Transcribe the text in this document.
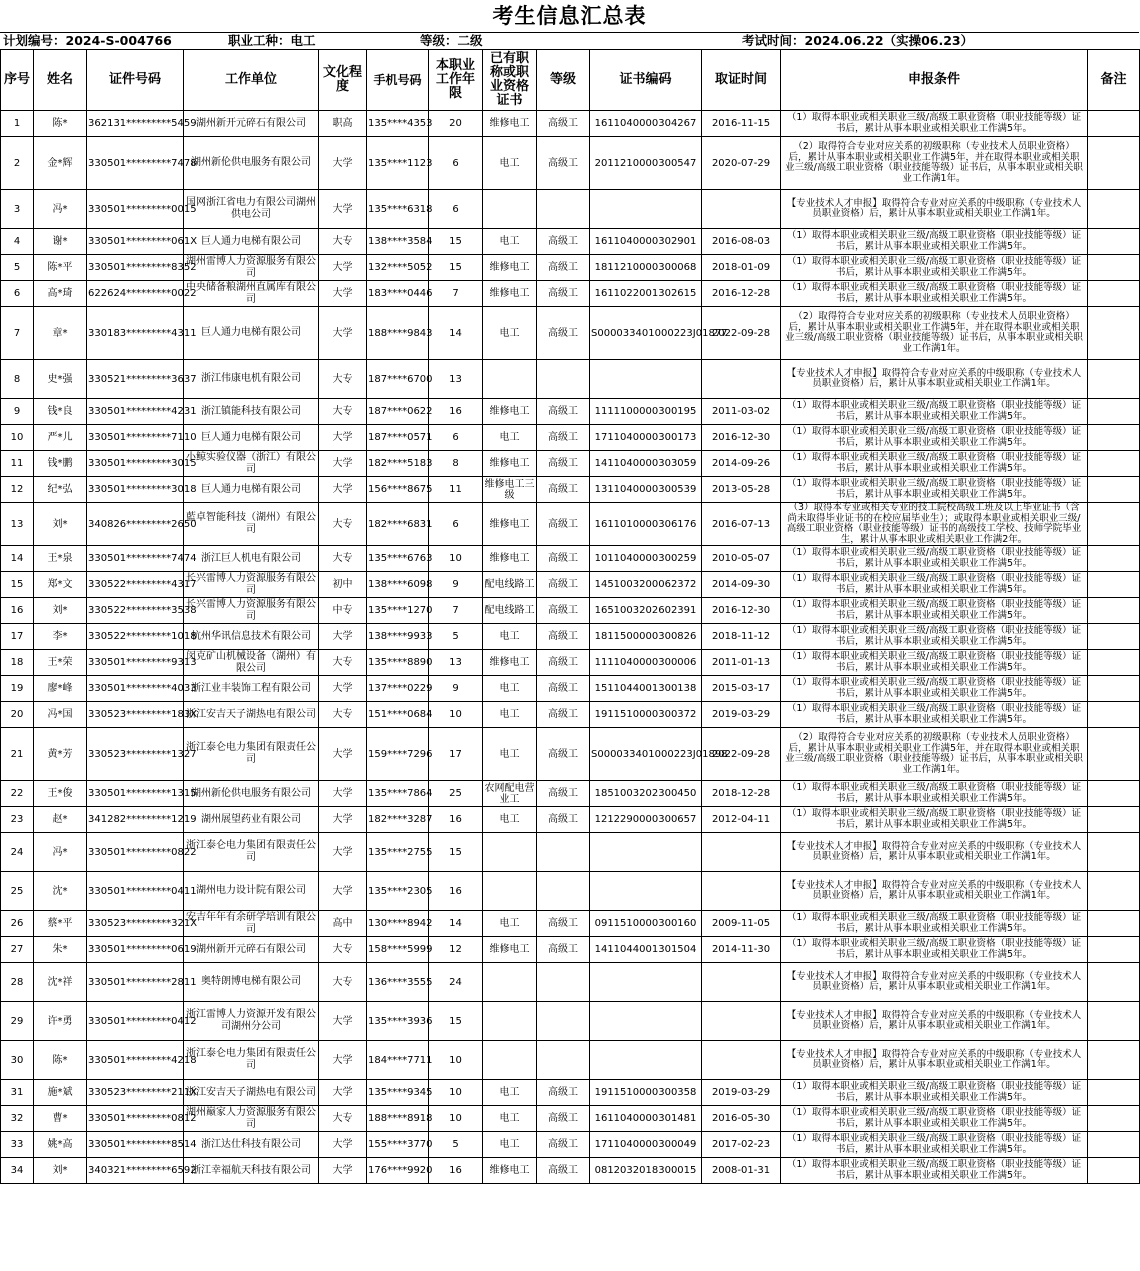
考生信息汇总表
计划编号：2024-S-004766	职业工种：电工	等级：二级	考试时间：2024.06.22（实操06.23）
序号	姓名	证件号码	工作单位	文化程度	手机号码	本职业工作年限	已有职称或职业资格证书	等级	证书编码	取证时间	申报条件	备注
1	陈*	362131*********5459	湖州新开元碎石有限公司	职高	135****4353	20	维修电工	高级工	1611040000304267	2016-11-15	（1）取得本职业或相关职业三级/高级工职业资格（职业技能等级）证书后，累计从事本职业或相关职业工作满5年。	
2	金*辉	330501*********7478	湖州新伦供电服务有限公司	大学	135****1123	6	电工	高级工	2011210000300547	2020-07-29	（2）取得符合专业对应关系的初级职称（专业技术人员职业资格）后，累计从事本职业或相关职业工作满5年，并在取得本职业或相关职业三级/高级工职业资格（职业技能等级）证书后，从事本职业或相关职业工作满1年。	
3	冯*	330501*********0015	国网浙江省电力有限公司湖州供电公司	大学	135****6318	6					【专业技术人才申报】取得符合专业对应关系的中级职称（专业技术人员职业资格）后，累计从事本职业或相关职业工作满1年。	
4	谢*	330501*********061X	巨人通力电梯有限公司	大专	138****3584	15	电工	高级工	1611040000302901	2016-08-03	（1）取得本职业或相关职业三级/高级工职业资格（职业技能等级）证书后，累计从事本职业或相关职业工作满5年。	
5	陈*平	330501*********8352	湖州雷博人力资源服务有限公司	大学	132****5052	15	维修电工	高级工	1811210000300068	2018-01-09	（1）取得本职业或相关职业三级/高级工职业资格（职业技能等级）证书后，累计从事本职业或相关职业工作满5年。	
6	高*琦	622624*********0022	中央储备粮湖州直属库有限公司	大学	183****0446	7	维修电工	高级工	1611022001302615	2016-12-28	（1）取得本职业或相关职业三级/高级工职业资格（职业技能等级）证书后，累计从事本职业或相关职业工作满5年。	
7	章*	330183*********4311	巨人通力电梯有限公司	大学	188****9843	14	电工	高级工	S000033401000223J01877	2022-09-28	（2）取得符合专业对应关系的初级职称（专业技术人员职业资格）后，累计从事本职业或相关职业工作满5年，并在取得本职业或相关职业三级/高级工职业资格（职业技能等级）证书后，从事本职业或相关职业工作满1年。	
8	史*强	330521*********3637	浙江伟康电机有限公司	大专	187****6700	13					【专业技术人才申报】取得符合专业对应关系的中级职称（专业技术人员职业资格）后，累计从事本职业或相关职业工作满1年。	
9	钱*良	330501*********4231	浙江镇能科技有限公司	大专	187****0622	16	维修电工	高级工	1111100000300195	2011-03-02	（1）取得本职业或相关职业三级/高级工职业资格（职业技能等级）证书后，累计从事本职业或相关职业工作满5年。	
10	严*儿	330501*********7110	巨人通力电梯有限公司	大学	187****0571	6	电工	高级工	1711040000300173	2016-12-30	（1）取得本职业或相关职业三级/高级工职业资格（职业技能等级）证书后，累计从事本职业或相关职业工作满5年。	
11	钱*鹏	330501*********3015	小鲸实验仪器（浙江）有限公司	大学	182****5183	8	维修电工	高级工	1411040000303059	2014-09-26	（1）取得本职业或相关职业三级/高级工职业资格（职业技能等级）证书后，累计从事本职业或相关职业工作满5年。	
12	纪*弘	330501*********3018	巨人通力电梯有限公司	大学	156****8675	11	维修电工三级	高级工	1311040000300539	2013-05-28	（1）取得本职业或相关职业三级/高级工职业资格（职业技能等级）证书后，累计从事本职业或相关职业工作满5年。	
13	刘*	340826*********2650	藍卓智能科技（湖州）有限公司	大专	182****6831	6	维修电工	高级工	1611010000306176	2016-07-13	（3）取得本专业或相关专业的技工院校高级工班及以上毕业证书（含尚未取得毕业证书的在校应届毕业生）；或取得本职业或相关职业三级/高级工职业资格（职业技能等级）证书的高级技工学校、技师学院毕业生，累计从事本职业或相关职业工作满2年。	
14	王*泉	330501*********7474	浙江巨人机电有限公司	大专	135****6763	10	维修电工	高级工	1011040000300259	2010-05-07	（1）取得本职业或相关职业三级/高级工职业资格（职业技能等级）证书后，累计从事本职业或相关职业工作满5年。	
15	郑*文	330522*********4317	长兴雷博人力资源服务有限公司	初中	138****6098	9	配电线路工	高级工	1451003200062372	2014-09-30	（1）取得本职业或相关职业三级/高级工职业资格（职业技能等级）证书后，累计从事本职业或相关职业工作满5年。	
16	刘*	330522*********3538	长兴雷博人力资源服务有限公司	中专	135****1270	7	配电线路工	高级工	1651003202602391	2016-12-30	（1）取得本职业或相关职业三级/高级工职业资格（职业技能等级）证书后，累计从事本职业或相关职业工作满5年。	
17	李*	330522*********1018	杭州华讯信息技术有限公司	大学	138****9933	5	电工	高级工	1811500000300826	2018-11-12	（1）取得本职业或相关职业三级/高级工职业资格（职业技能等级）证书后，累计从事本职业或相关职业工作满5年。	
18	王*荣	330501*********9313	闵克矿山机械设备（湖州）有限公司	大专	135****8890	13	维修电工	高级工	1111040000300006	2011-01-13	（1）取得本职业或相关职业三级/高级工职业资格（职业技能等级）证书后，累计从事本职业或相关职业工作满5年。	
19	廖*峰	330501*********4033	浙江业丰装饰工程有限公司	大学	137****0229	9	电工	高级工	1511044001300138	2015-03-17	（1）取得本职业或相关职业三级/高级工职业资格（职业技能等级）证书后，累计从事本职业或相关职业工作满5年。	
20	冯*国	330523*********183X	浙江安吉天子湖热电有限公司	大专	151****0684	10	电工	高级工	1911510000300372	2019-03-29	（1）取得本职业或相关职业三级/高级工职业资格（职业技能等级）证书后，累计从事本职业或相关职业工作满5年。	
21	黄*芳	330523*********1327	浙江泰仑电力集团有限责任公司	大学	159****7296	17	电工	高级工	S000033401000223J01898	2022-09-28	（2）取得符合专业对应关系的初级职称（专业技术人员职业资格）后，累计从事本职业或相关职业工作满5年，并在取得本职业或相关职业三级/高级工职业资格（职业技能等级）证书后，从事本职业或相关职业工作满1年。	
22	王*俊	330501*********1315	湖州新伦供电服务有限公司	大学	135****7864	25	农网配电营业工	高级工	1851003202300450	2018-12-28	（1）取得本职业或相关职业三级/高级工职业资格（职业技能等级）证书后，累计从事本职业或相关职业工作满5年。	
23	赵*	341282*********1219	湖州展望药业有限公司	大学	182****3287	16	电工	高级工	1212290000300657	2012-04-11	（1）取得本职业或相关职业三级/高级工职业资格（职业技能等级）证书后，累计从事本职业或相关职业工作满5年。	
24	冯*	330501*********0822	浙江泰仑电力集团有限责任公司	大学	135****2755	15					【专业技术人才申报】取得符合专业对应关系的中级职称（专业技术人员职业资格）后，累计从事本职业或相关职业工作满1年。	
25	沈*	330501*********0411	湖州电力设计院有限公司	大学	135****2305	16					【专业技术人才申报】取得符合专业对应关系的中级职称（专业技术人员职业资格）后，累计从事本职业或相关职业工作满1年。	
26	蔡*平	330523*********321X	安吉年年有余研学培训有限公司	高中	130****8942	14	电工	高级工	0911510000300160	2009-11-05	（1）取得本职业或相关职业三级/高级工职业资格（职业技能等级）证书后，累计从事本职业或相关职业工作满5年。	
27	朱*	330501*********0619	湖州新开元碎石有限公司	大专	158****5999	12	维修电工	高级工	1411044001301504	2014-11-30	（1）取得本职业或相关职业三级/高级工职业资格（职业技能等级）证书后，累计从事本职业或相关职业工作满5年。	
28	沈*祥	330501*********2811	奥特朗博电梯有限公司	大专	136****3555	24					【专业技术人才申报】取得符合专业对应关系的中级职称（专业技术人员职业资格）后，累计从事本职业或相关职业工作满1年。	
29	许*勇	330501*********0412	浙江雷博人力资源开发有限公司湖州分公司	大学	135****3936	15					【专业技术人才申报】取得符合专业对应关系的中级职称（专业技术人员职业资格）后，累计从事本职业或相关职业工作满1年。	
30	陈*	330501*********4218	浙江泰仑电力集团有限责任公司	大学	184****7711	10					【专业技术人才申报】取得符合专业对应关系的中级职称（专业技术人员职业资格）后，累计从事本职业或相关职业工作满1年。	
31	施*斌	330523*********211X	浙江安吉天子湖热电有限公司	大学	135****9345	10	电工	高级工	1911510000300358	2019-03-29	（1）取得本职业或相关职业三级/高级工职业资格（职业技能等级）证书后，累计从事本职业或相关职业工作满5年。	
32	曹*	330501*********0812	湖州巅家人力资源服务有限公司	大专	188****8918	10	电工	高级工	1611040000301481	2016-05-30	（1）取得本职业或相关职业三级/高级工职业资格（职业技能等级）证书后，累计从事本职业或相关职业工作满5年。	
33	姚*高	330501*********8514	浙江达仕科技有限公司	大学	155****3770	5	电工	高级工	1711040000300049	2017-02-23	（1）取得本职业或相关职业三级/高级工职业资格（职业技能等级）证书后，累计从事本职业或相关职业工作满5年。	
34	刘*	340321*********6592	浙江幸福航天科技有限公司	大学	176****9920	16	维修电工	高级工	0812032018300015	2008-01-31	（1）取得本职业或相关职业三级/高级工职业资格（职业技能等级）证书后，累计从事本职业或相关职业工作满5年。	
